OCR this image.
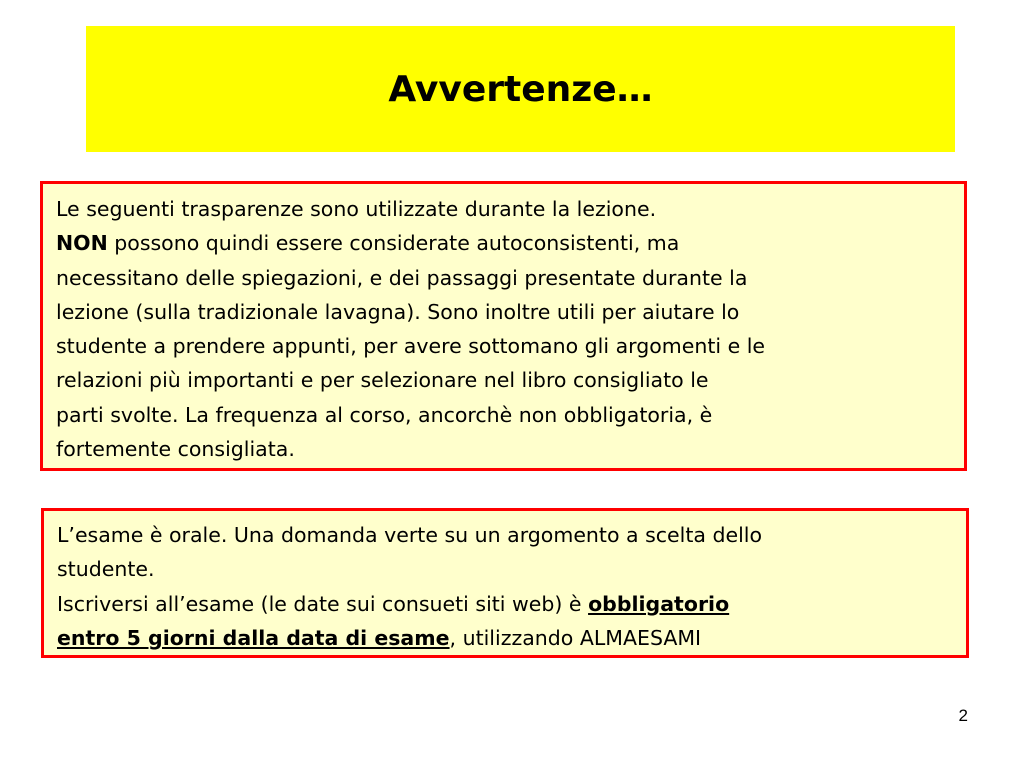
Avvertenze…
Le seguenti trasparenze sono utilizzate durante la lezione.
NON possono quindi essere considerate autoconsistenti, ma
necessitano delle spiegazioni, e dei passaggi presentate durante la
lezione (sulla tradizionale lavagna). Sono inoltre utili per aiutare lo
studente a prendere appunti, per avere sottomano gli argomenti e le
relazioni più importanti e per selezionare nel libro consigliato le
parti svolte. La frequenza al corso, ancorchè non obbligatoria, è
fortemente consigliata.
L’esame è orale. Una domanda verte su un argomento a scelta dello
studente.
Iscriversi all’esame (le date sui consueti siti web) è obbligatorio
entro 5 giorni dalla data di esame, utilizzando ALMAESAMI
2
